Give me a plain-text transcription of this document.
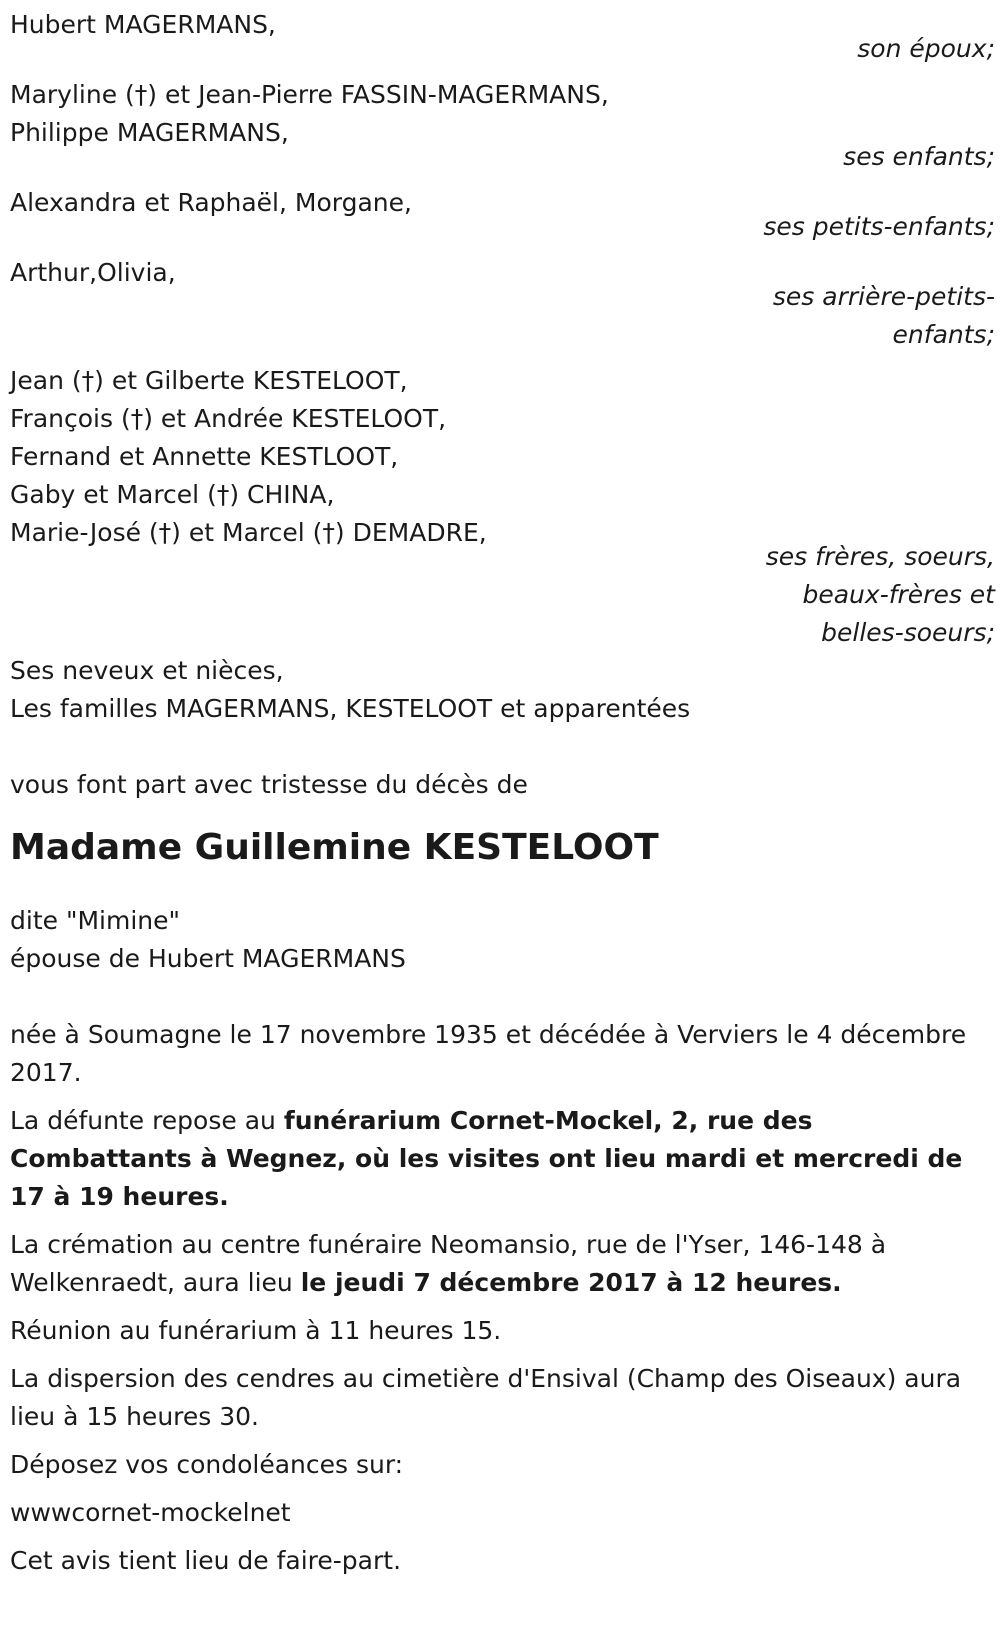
Hubert MAGERMANS,
son époux;
Maryline (†) et Jean-Pierre FASSIN-MAGERMANS,
Philippe MAGERMANS,
ses enfants;
Alexandra et Raphaël, Morgane,
ses petits-enfants;
Arthur,Olivia,
ses arrière-petits-
enfants;
Jean (†) et Gilberte KESTELOOT,
François (†) et Andrée KESTELOOT,
Fernand et Annette KESTLOOT,
Gaby et Marcel (†) CHINA,
Marie-José (†) et Marcel (†) DEMADRE,
ses frères, soeurs,
beaux-frères et
belles-soeurs;
Ses neveux et nièces,
Les familles MAGERMANS, KESTELOOT et apparentées
vous font part avec tristesse du décès de
Madame Guillemine KESTELOOT
dite "Mimine"
épouse de Hubert MAGERMANS

née à Soumagne le 17 novembre 1935 et décédée à Verviers le 4 décembre 2017.

La défunte repose au funérarium Cornet-Mockel, 2, rue des Combattants à Wegnez, où les visites ont lieu mardi et mercredi de 17 à 19 heures.

La crémation au centre funéraire Neomansio, rue de l'Yser, 146-148 à Welkenraedt, aura lieu le jeudi 7 décembre 2017 à 12 heures.

Réunion au funérarium à 11 heures 15.

La dispersion des cendres au cimetière d'Ensival (Champ des Oiseaux) aura lieu à 15 heures 30.

Déposez vos condoléances sur:

wwwcornet-mockelnet

Cet avis tient lieu de faire-part.
